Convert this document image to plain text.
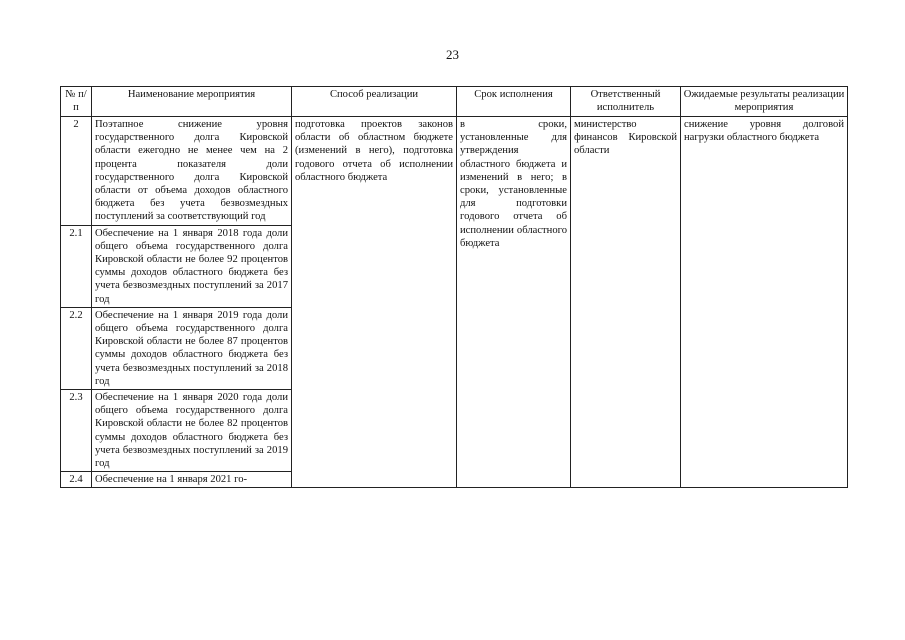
23
№ п/п	Наименование мероприятия	Способ реализации	Срок исполнения	Ответственный исполнитель	Ожидаемые результаты реализации мероприятия
2	Поэтапное снижение уровня государственного долга Кировской области ежегодно не менее чем на 2 процента показателя доли государственного долга Кировской области от объема доходов областного бюджета без учета безвозмездных поступлений за соответствующий год	подготовка проектов законов области об областном бюджете (изменений в него), подготовка годового отчета об исполнении областного бюджета	в сроки, установленные для утверждения областного бюджета и изменений в него; в сроки, установленные для подготовки годового отчета об исполнении областного бюджета	министерство финансов Кировской области	снижение уровня долговой нагрузки областного бюджета
2.1	Обеспечение на 1 января 2018 года доли общего объема государственного долга Кировской области не более 92 процентов суммы доходов областного бюджета без учета безвозмездных поступлений за 2017 год				
2.2	Обеспечение на 1 января 2019 года доли общего объема государственного долга Кировской области не более 87 процентов суммы доходов областного бюджета без учета безвозмездных поступлений за 2018 год				
2.3	Обеспечение на 1 января 2020 года доли общего объема государственного долга Кировской области не более 82 процентов суммы доходов областного бюджета без учета безвозмездных поступлений за 2019 год				
2.4	Обеспечение на 1 января 2021 го-				
